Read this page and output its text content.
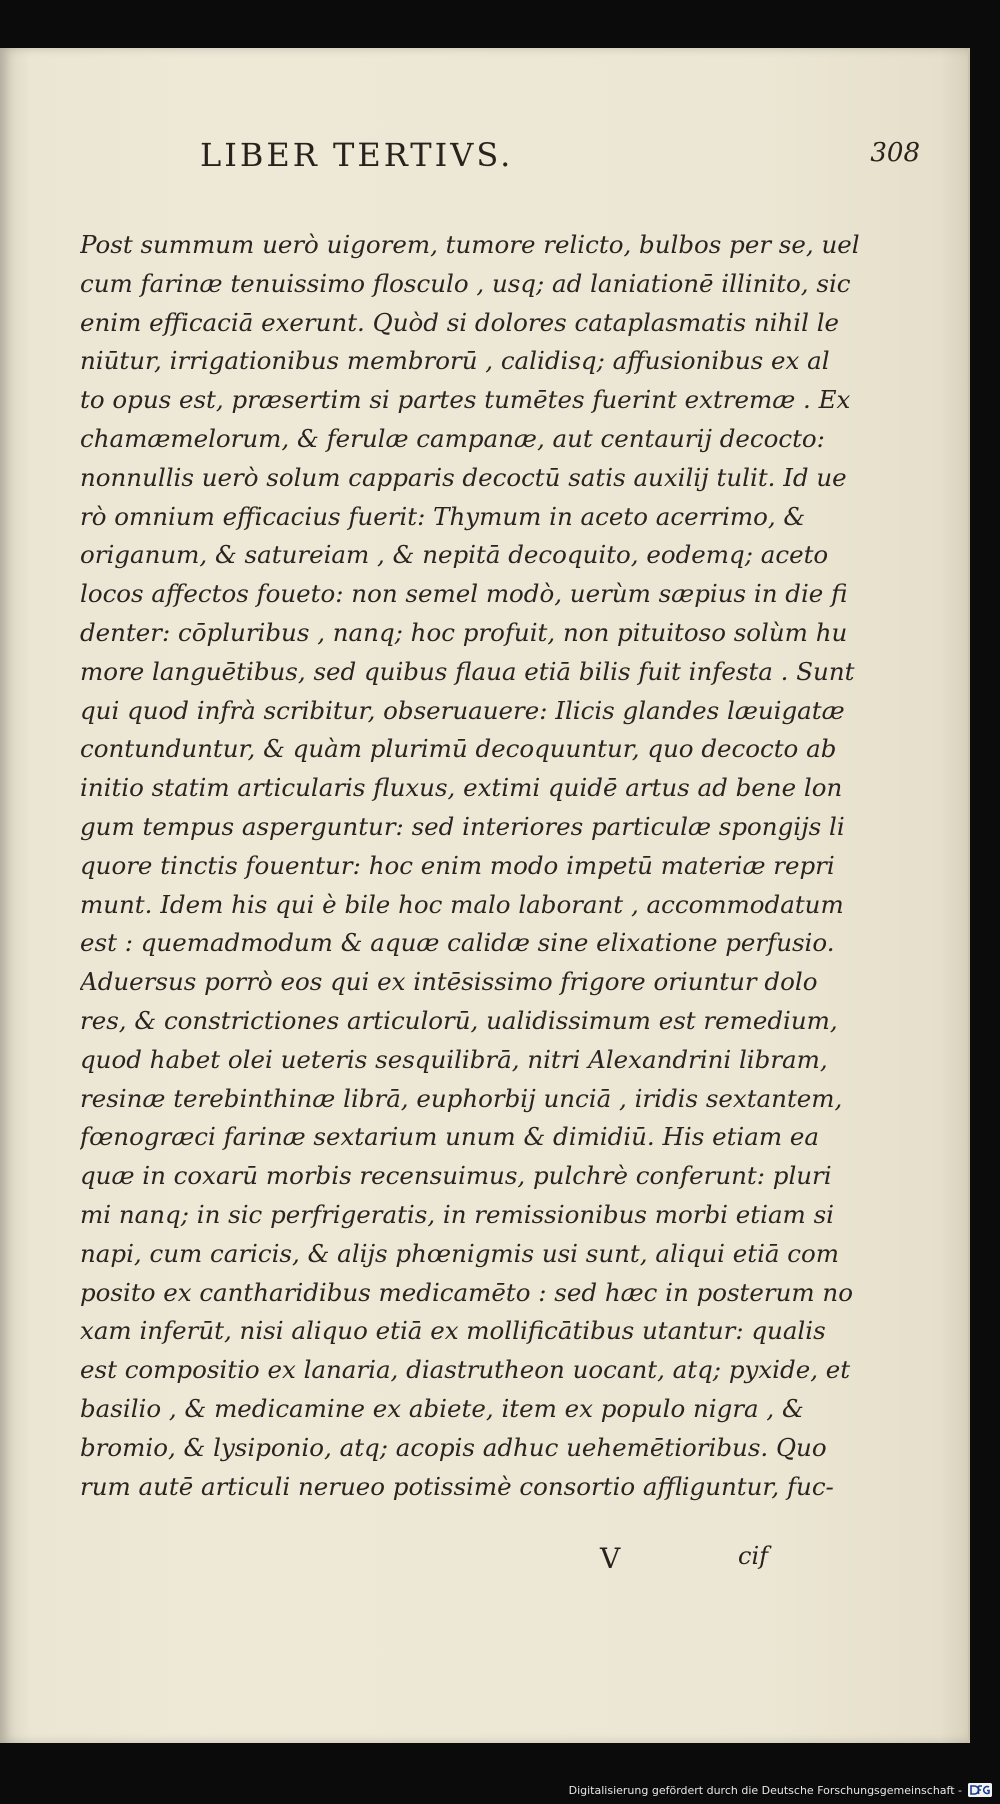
LIBER TERTIVS.	308
Post summum uerò uigorem, tumore relicto, bulbos per se, uel
cum farinæ tenuissimo flosculo , usq; ad laniationē illinito, sic
enim efficaciā exerunt. Quòd si dolores cataplasmatis nihil le
niūtur, irrigationibus membrorū , calidisq; affusionibus ex al
to opus est, præsertim si partes tumētes fuerint extremæ . Ex
chamæmelorum, & ferulæ campanæ, aut centaurij decocto:
nonnullis uerò solum capparis decoctū satis auxilij tulit. Id ue
rò omnium efficacius fuerit: Thymum in aceto acerrimo, &
origanum, & satureiam , & nepitā decoquito, eodemq; aceto
locos affectos foueto: non semel modò, uerùm sæpius in die fi
denter: cōpluribus , nanq; hoc profuit, non pituitoso solùm hu
more languētibus, sed quibus flaua etiā bilis fuit infesta . Sunt
qui quod infrà scribitur, obseruauere: Ilicis glandes læuigatæ
contunduntur, & quàm plurimū decoquuntur, quo decocto ab
initio statim articularis fluxus, extimi quidē artus ad bene lon
gum tempus asperguntur: sed interiores particulæ spongijs li
quore tinctis fouentur: hoc enim modo impetū materiæ repri
munt. Idem his qui è bile hoc malo laborant , accommodatum
est : quemadmodum & aquæ calidæ sine elixatione perfusio.
Aduersus porrò eos qui ex intēsissimo frigore oriuntur dolo
res, & constrictiones articulorū, ualidissimum est remedium,
quod habet olei ueteris sesquilibrā, nitri Alexandrini libram,
resinæ terebinthinæ librā, euphorbij unciā , iridis sextantem,
fœnogræci farinæ sextarium unum & dimidiū. His etiam ea
quæ in coxarū morbis recensuimus, pulchrè conferunt: pluri
mi nanq; in sic perfrigeratis, in remissionibus morbi etiam si
napi, cum caricis, & alijs phœnigmis usi sunt, aliqui etiā com
posito ex cantharidibus medicamēto : sed hæc in posterum no
xam inferūt, nisi aliquo etiā ex mollificātibus utantur: qualis
est compositio ex lanaria, diastrutheon uocant, atq; pyxide, et
basilio , & medicamine ex abiete, item ex populo nigra , &
bromio, & lysiponio, atq; acopis adhuc uehemētioribus. Quo
rum autē articuli nerueo potissimè consortio affliguntur, fuc-
V	cif
Digitalisierung gefördert durch die Deutsche Forschungsgemeinschaft -
